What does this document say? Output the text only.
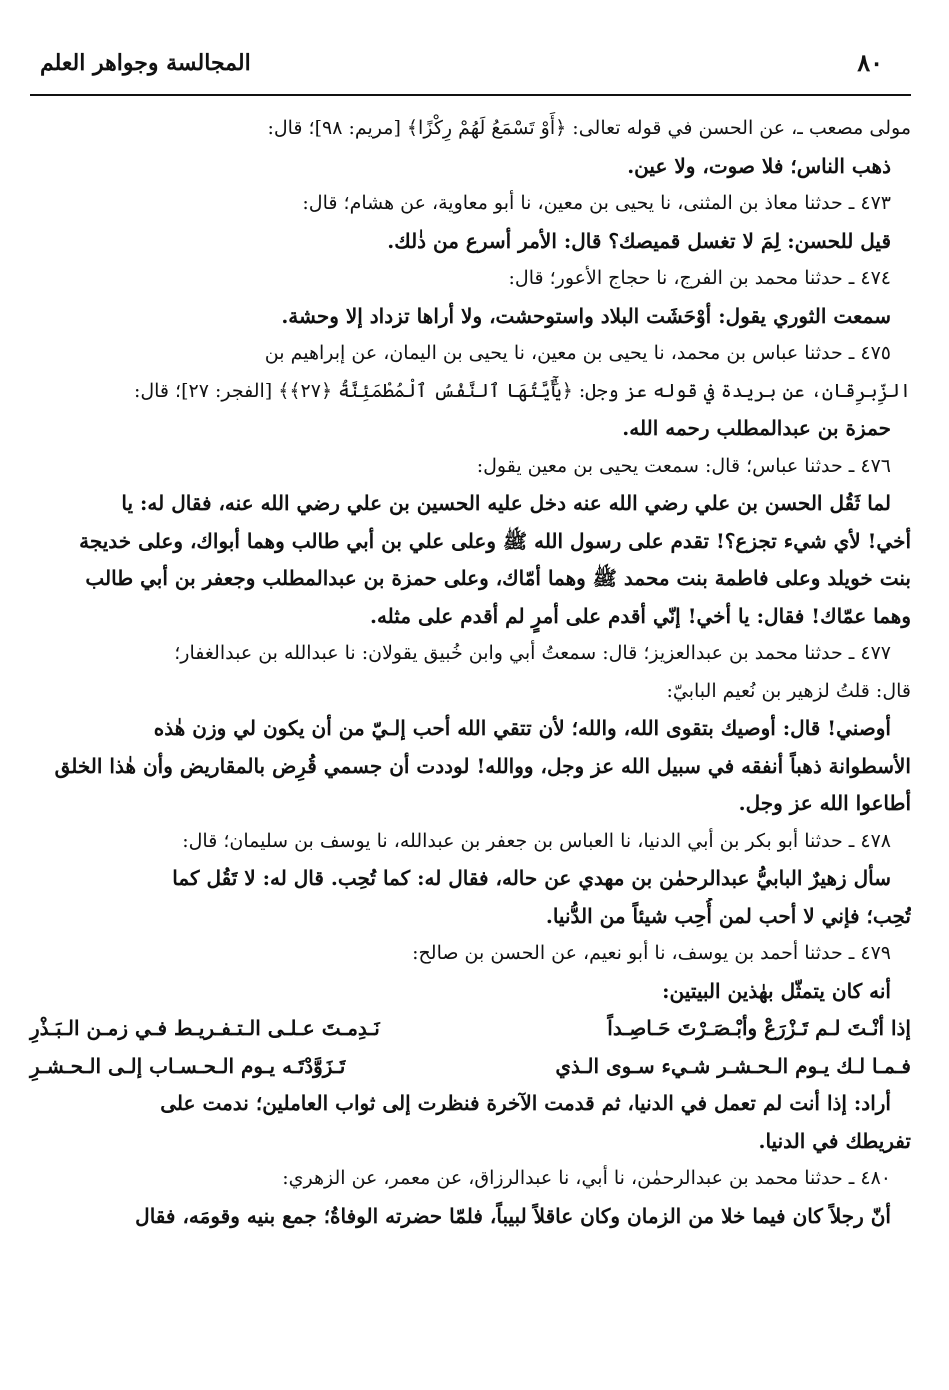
٨٠
المجالسة وجواهر العلم
مولى مصعب ـ، عن الحسن في قوله تعالى: ﴿أَوْ تَسْمَعُ لَهُمْ رِكْزًا﴾ [مريم: ٩٨]؛ قال:
ذهب الناس؛ فلا صوت، ولا عين.
٤٧٣ ـ حدثنا معاذ بن المثنى، نا يحيى بن معين، نا أبو معاوية، عن هشام؛ قال:
قيل للحسن: لِمَ لا تغسل قميصك؟ قال: الأمر أسرع من ذٰلك.
٤٧٤ ـ حدثنا محمد بن الفرج، نا حجاج الأعور؛ قال:
سمعت الثوري يقول: أوْحَشَت البلاد واستوحشت، ولا أراها تزداد إلا وحشة.
٤٧٥ ـ حدثنا عباس بن محمد، نا يحيى بن معين، نا يحيى بن اليمان، عن إبراهيم بن
الزِّبرِقان، عن بريدة في قوله عز وجل: ﴿يَٰٓأَيَّتُهَا ٱلنَّفْسُ ٱلْمُطْمَئِنَّةُ ﴿٢٧﴾﴾ [الفجر: ٢٧]؛ قال:
حمزة بن عبدالمطلب رحمه الله.
٤٧٦ ـ حدثنا عباس؛ قال: سمعت يحيى بن معين يقول:
لما ثَقُل الحسن بن علي رضي الله عنه دخل عليه الحسين بن علي رضي الله عنه، فقال له: يا
أخي! لأي شيء تجزع؟! تقدم على رسول الله ﷺ وعلى علي بن أبي طالب وهما أبواك، وعلى خديجة
بنت خويلد وعلى فاطمة بنت محمد ﷺ وهما أمّاك، وعلى حمزة بن عبدالمطلب وجعفر بن أبي طالب
وهما عمّاك! فقال: يا أخي! إنّي أقدم على أمرٍ لم أقدم على مثله.
٤٧٧ ـ حدثنا محمد بن عبدالعزيز؛ قال: سمعتُ أبي وابن خُبيق يقولان: نا عبدالله بن عبدالغفار؛
قال: قلتُ لزهير بن نُعيم البابيّ:
أوصني! قال: أوصيك بتقوى الله، والله؛ لأن تتقي الله أحب إلـيّ من أن يكون لي وزن هٰذه
الأسطوانة ذهباً أنفقه في سبيل الله عز وجل، ووالله! لوددت أن جسمي قُرِض بالمقاريض وأن هٰذا الخلق
أطاعوا الله عز وجل.
٤٧٨ ـ حدثنا أبو بكر بن أبي الدنيا، نا العباس بن جعفر بن عبدالله، نا يوسف بن سليمان؛ قال:
سأل زهيرٌ البابيُّ عبدالرحمٰن بن مهدي عن حاله، فقال له: كما تُحِب. قال له: لا تَقُل كما
تُحِب؛ فإني لا أحب لمن أُحِب شيئاً من الدُّنيا.
٤٧٩ ـ حدثنا أحمد بن يوسف، نا أبو نعيم، عن الحسن بن صالح:
أنه كان يتمثّل بهٰذين البيتين:
إذا أنْـتَ لـم تَـزْرَعْ وأبْـصَـرْتَ حَـاصِـداً
نَـدِمـتَ عـلـى الـتـفـريـط فـي زمـن الـبَـذْرِ
فـمـا لـك يـوم الـحـشـر شـيء سـوى الـذي
تَـزَوَّدْتَـه يـوم الـحـسـاب إلـى الـحـشـرِ
أراد: إذا أنت لم تعمل في الدنيا، ثم قدمت الآخرة فنظرت إلى ثواب العاملين؛ ندمت على
تفريطك في الدنيا.
٤٨٠ ـ حدثنا محمد بن عبدالرحمٰن، نا أبي، نا عبدالرزاق، عن معمر، عن الزهري:
أنّ رجلاً كان فيما خلا من الزمان وكان عاقلاً لبيباً، فلمّا حضرته الوفاةُ؛ جمع بنيه وقومَه، فقال
